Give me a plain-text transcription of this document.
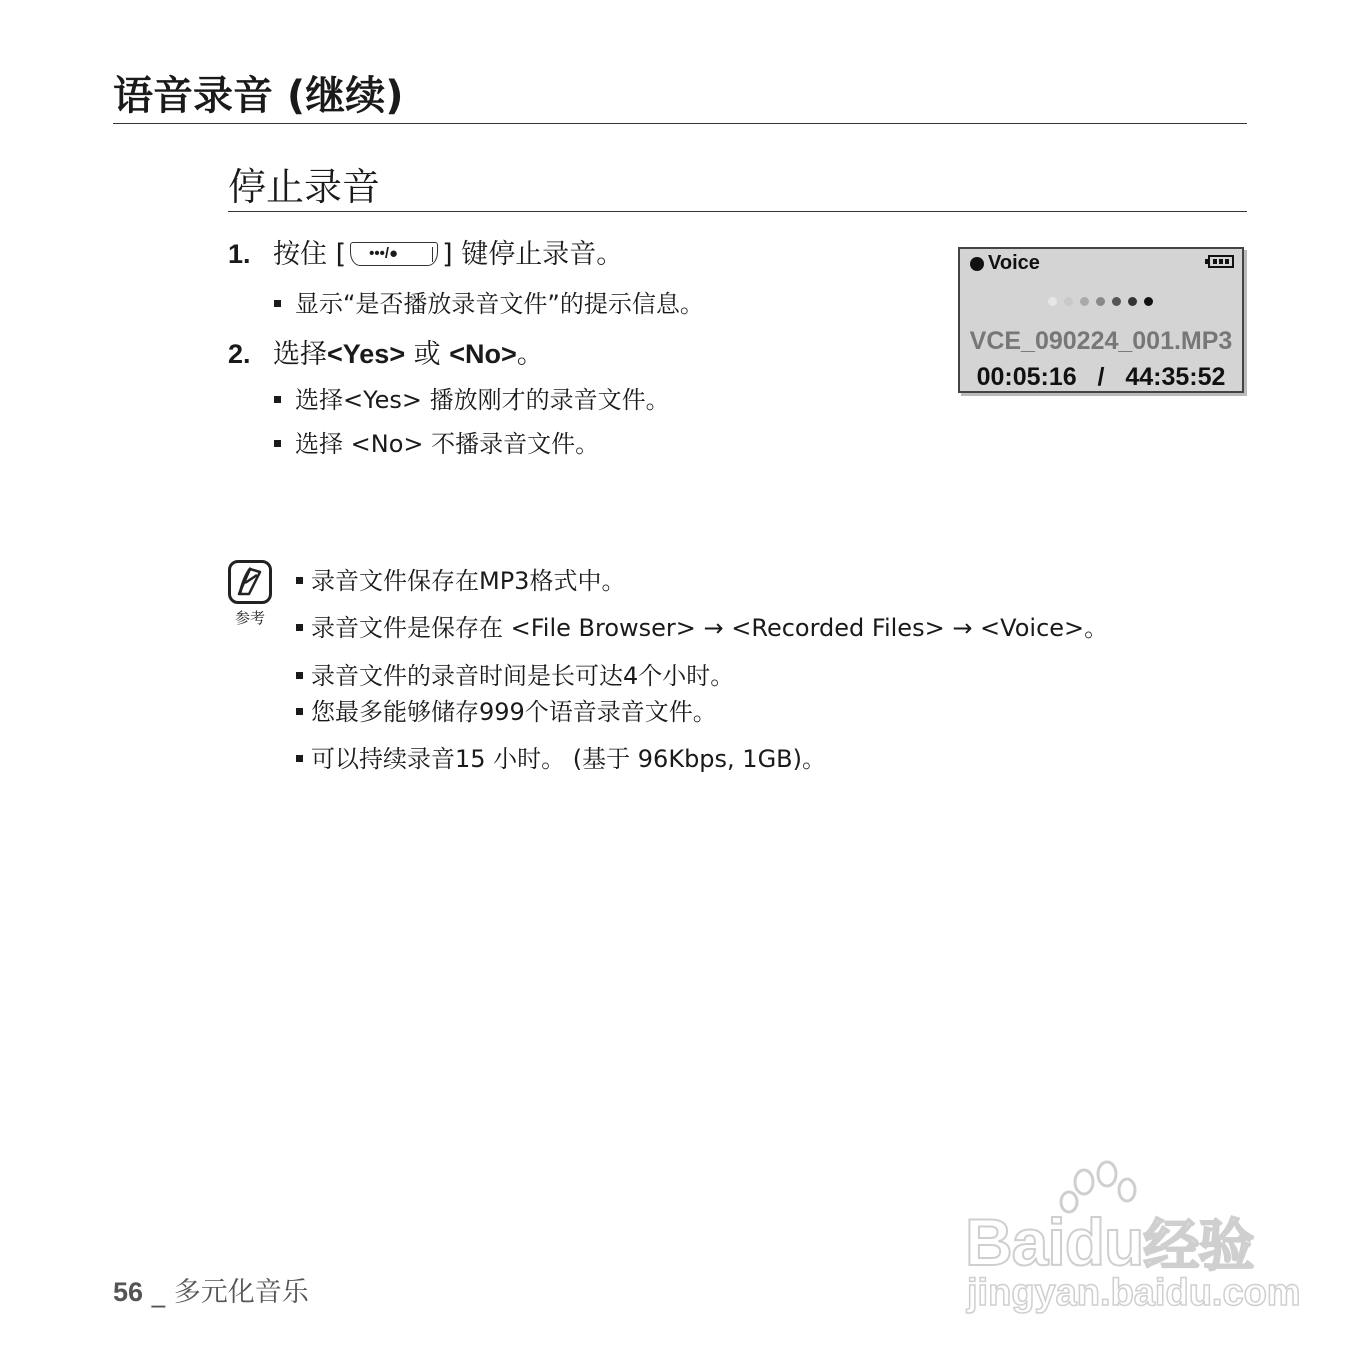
语音录音 (继续)
停止录音
1. 按住 [ •••/● ] 键停止录音。
显示“是否播放录音文件”的提示信息。
2. 选择<Yes> 或 <No>。
选择<Yes> 播放刚才的录音文件。
选择 <No> 不播录音文件。
Voice
VCE_090224_001.MP3
00:05:16 / 44:35:52
参考
录音文件保存在MP3格式中。
录音文件是保存在 <File Browser> → <Recorded Files> → <Voice>。
录音文件的录音时间是长可达4个小时。
您最多能够储存999个语音录音文件。
可以持续录音15 小时。 (基于 96Kbps, 1GB)。
56 _ 多元化音乐
Baidu经验
jingyan.baidu.com
